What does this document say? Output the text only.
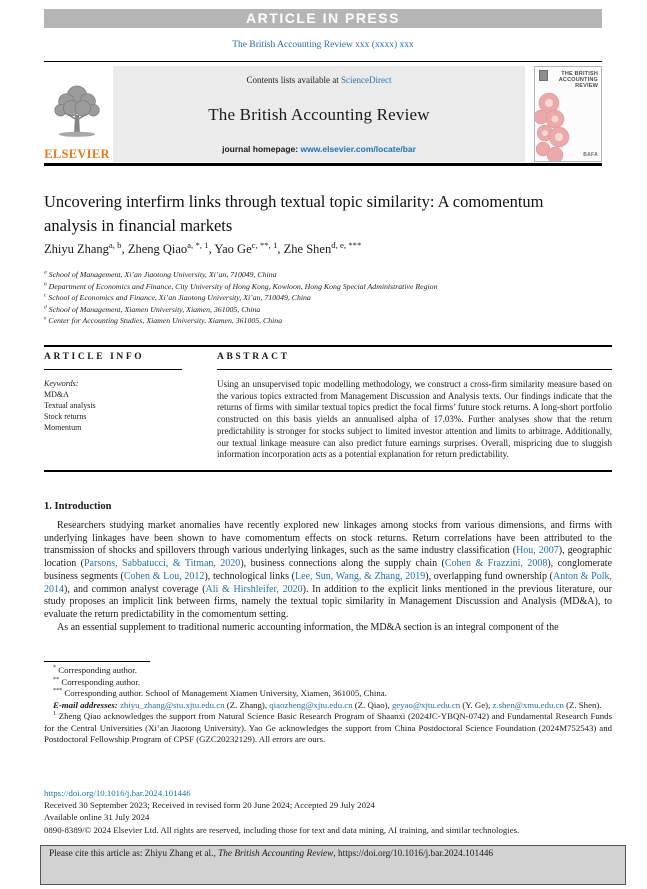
ARTICLE IN PRESS
The British Accounting Review xxx (xxxx) xxx
ELSEVIER
Contents lists available at ScienceDirect
The British Accounting Review
journal homepage: www.elsevier.com/locate/bar
THE BRITISH ACCOUNTING REVIEW
BAFA
Uncovering interfirm links through textual topic similarity: A comomentum analysis in financial markets
Zhiyu Zhang$^{a, b}$, Zheng Qiao$^{a, *, 1}$, Yao $Ge^{c, **, 1}$, Zhe Shen$^{d, e, ***}$
$^a$ School of Management, Xi’an Jiaotong University, Xi’an, 710049, China
$^b$ Department of Economics and Finance, City University of Hong Kong, Kowloon, Hong Kong Special Administrative Region
$^c$ School of Economics and Finance, Xi’an Jiaotong University, Xi’an, 710049, China
$^d$ School of Management, Xiamen University, Xiamen, 361005, China
$^e$ Center for Accounting Studies, Xiamen University, Xiamen, 361005, China
ARTICLE INFO
Keywords:
MD&A
Textual analysis
Stock returns
Momentum
ABSTRACT
Using an unsupervised topic modelling methodology, we construct a cross-firm similarity measure based on the various topics extracted from Management Discussion and Analysis texts. Our findings indicate that the returns of firms with similar textual topics predict the focal firms’ future stock returns. A long-short portfolio constructed on this basis yields an annualised alpha of 17.03%. Further analyses show that the return predictability is stronger for stocks subject to limited investor attention and limits to arbitrage. Additionally, our textual linkage measure can also predict future earnings surprises. Overall, mispricing due to sluggish information incorporation acts as a potential explanation for return predictability.
1. Introduction

Researchers studying market anomalies have recently explored new linkages among stocks from various dimensions, and firms with underlying linkages have been shown to have comomentum effects on stock returns. Return correlations have been attributed to the transmission of shocks and spillovers through various underlying linkages, such as the same industry classification (Hou, 2007), geographic location (Parsons, Sabbatucci, & Titman, 2020), business connections along the supply chain (Cohen & Frazzini, 2008), conglomerate business segments (Cohen & Lou, 2012), technological links (Lee, Sun, Wang, & Zhang, 2019), overlapping fund ownership (Anton & Polk, 2014), and common analyst coverage (Ali & Hirshleifer, 2020). In addition to the explicit links mentioned in the previous literature, our study proposes an implicit link between firms, namely the textual topic similarity in Management Discussion and Analysis (MD&A), to evaluate the return predictability in the comomentum setting.

As an essential supplement to traditional numeric accounting information, the MD&A section is an integral component of the

* Corresponding author.

** Corresponding author.

*** Corresponding author. School of Management Xiamen University, Xiamen, 361005, China.

E-mail addresses: zhiyu_zhang@stu.xjtu.edu.cn (Z. Zhang), qiaozheng@xjtu.edu.cn (Z. Qiao), geyao@xjtu.edu.cn (Y. Ge), z.shen@xmu.edu.cn (Z. Shen).

$^1$ Zheng Qiao acknowledges the support from Natural Science Basic Research Program of Shaanxi (2024JC-YBQN-0742) and Fundamental Research Funds for the Central Universities (Xi’an Jiaotong University). Yao Ge acknowledges the support from China Postdoctoral Science Foundation (2024M752543) and Postdoctoral Fellowship Program of CPSF (GZC20232129). All errors are ours.

https://doi.org/10.1016/j.bar.2024.101446
Received 30 September 2023; Received in revised form 20 June 2024; Accepted 29 July 2024
Available online 31 July 2024
0890-8389/© 2024 Elsevier Ltd. All rights are reserved, including those for text and data mining, AI training, and similar technologies.
Please cite this article as: Zhiyu Zhang et al., The British Accounting Review, https://doi.org/10.1016/j.bar.2024.101446
